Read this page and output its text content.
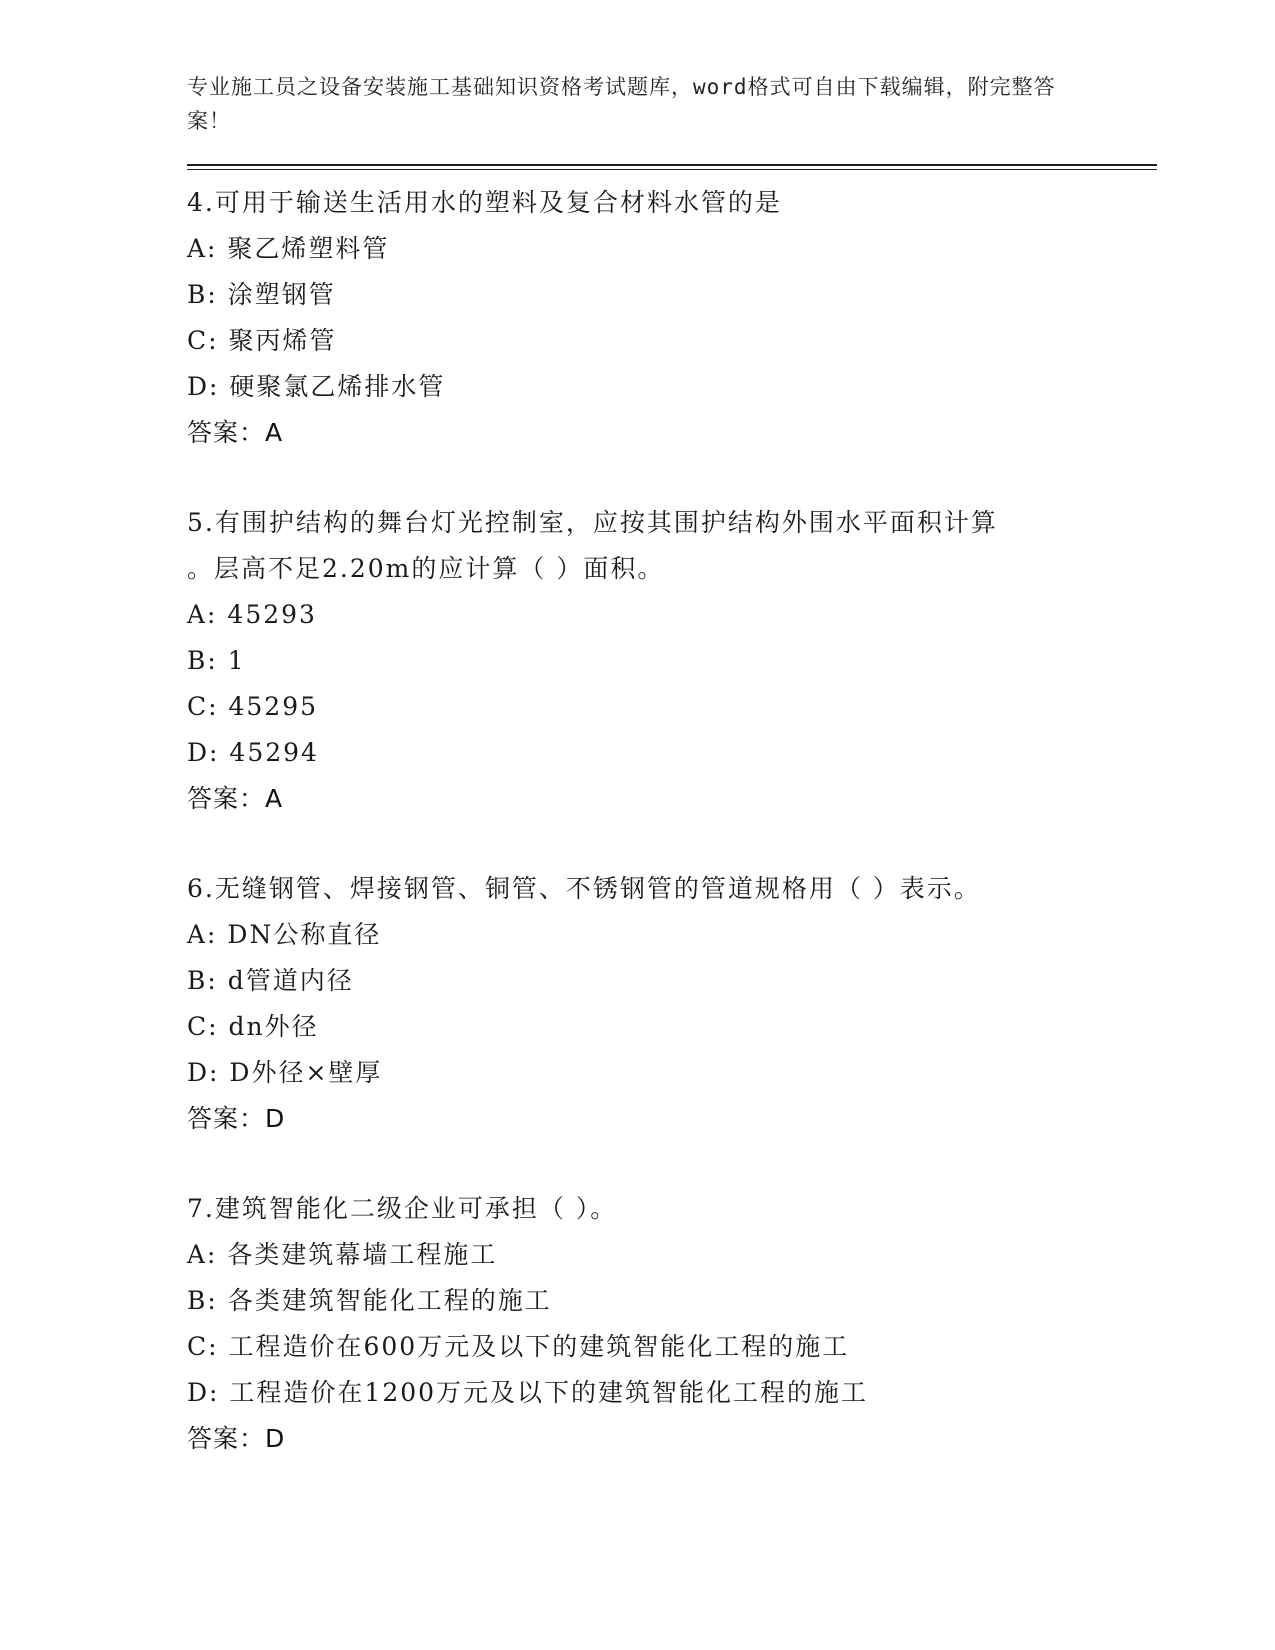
专业施工员之设备安装施工基础知识资格考试题库，word格式可自由下载编辑，附完整答案！
4.可用于输送生活用水的塑料及复合材料水管的是
A: 聚乙烯塑料管
B: 涂塑钢管
C: 聚丙烯管
D: 硬聚氯乙烯排水管
答案：A
5.有围护结构的舞台灯光控制室，应按其围护结构外围水平面积计算
。层高不足2.20m的应计算（ ）面积。
A: 45293
B: 1
C: 45295
D: 45294
答案：A
6.无缝钢管、焊接钢管、铜管、不锈钢管的管道规格用（ ）表示。
A: DN公称直径
B: d管道内径
C: dn外径
D: D外径×壁厚
答案：D
7.建筑智能化二级企业可承担（ ）。
A: 各类建筑幕墙工程施工
B: 各类建筑智能化工程的施工
C: 工程造价在600万元及以下的建筑智能化工程的施工
D: 工程造价在1200万元及以下的建筑智能化工程的施工
答案：D
